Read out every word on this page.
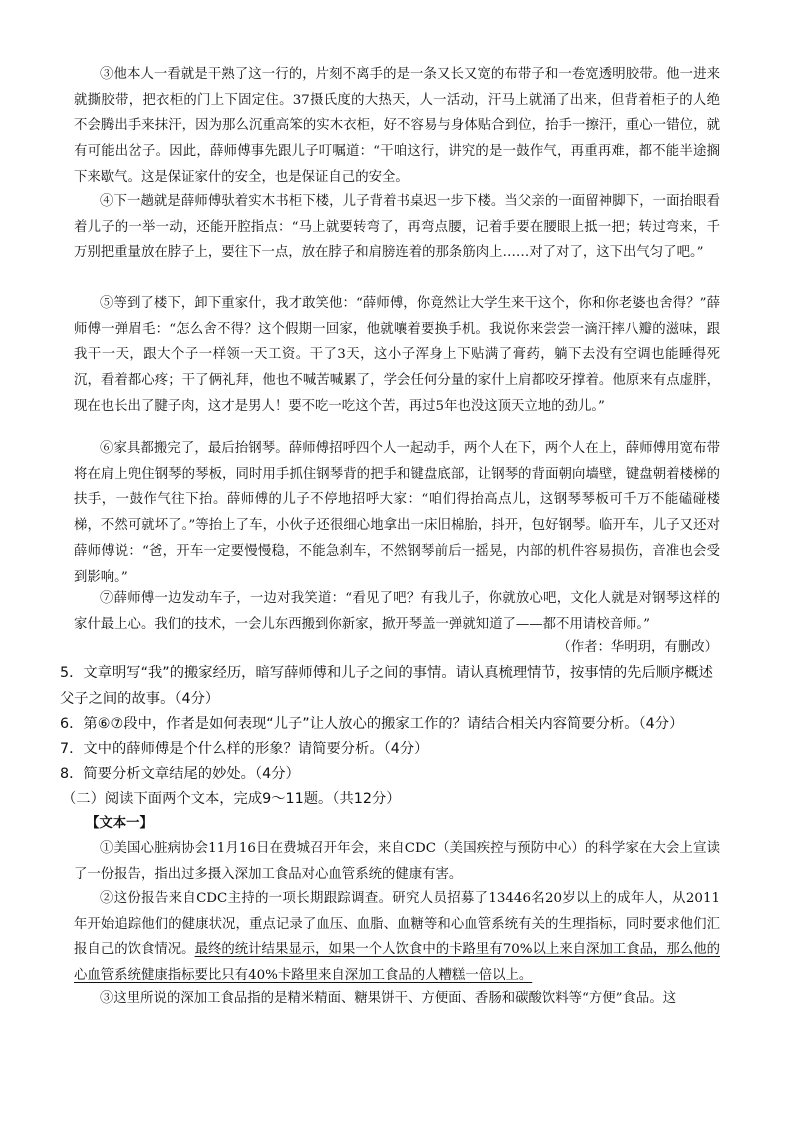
③他本人一看就是干熟了这一行的，片刻不离手的是一条又长又宽的布带子和一卷宽透明胶带。他一进来就撕胶带，把衣柜的门上下固定住。37摄氏度的大热天，人一活动，汗马上就涌了出来，但背着柜子的人绝不会腾出手来抹汗，因为那么沉重高笨的实木衣柜，好不容易与身体贴合到位，抬手一擦汗，重心一错位，就有可能出岔子。因此，薛师傅事先跟儿子叮嘱道：“干咱这行，讲究的是一鼓作气，再重再难，都不能半途搁下来歇气。这是保证家什的安全，也是保证自己的安全。

④下一趟就是薛师傅驮着实木书柜下楼，儿子背着书桌迟一步下楼。当父亲的一面留神脚下，一面抬眼看着儿子的一举一动，还能开腔指点：“马上就要转弯了，再弯点腰，记着手要在腰眼上抵一把；转过弯来，千万别把重量放在脖子上，要往下一点，放在脖子和肩膀连着的那条筋肉上……对了对了，这下出气匀了吧。”

⑤等到了楼下，卸下重家什，我才敢笑他：“薛师傅，你竟然让大学生来干这个，你和你老婆也舍得？”薛师傅一弹眉毛：“怎么舍不得？这个假期一回家，他就嚷着要换手机。我说你来尝尝一滴汗摔八瓣的滋味，跟我干一天，跟大个子一样领一天工资。干了3天，这小子浑身上下贴满了膏药，躺下去没有空调也能睡得死沉，看着都心疼；干了俩礼拜，他也不喊苦喊累了，学会任何分量的家什上肩都咬牙撑着。他原来有点虚胖，现在也长出了腱子肉，这才是男人！要不吃一吃这个苦，再过5年也没这顶天立地的劲儿。”

⑥家具都搬完了，最后抬钢琴。薛师傅招呼四个人一起动手，两个人在下，两个人在上，薛师傅用宽布带将在肩上兜住钢琴的琴板，同时用手抓住钢琴背的把手和键盘底部，让钢琴的背面朝向墙壁，键盘朝着楼梯的扶手，一鼓作气往下抬。薛师傅的儿子不停地招呼大家：“咱们得抬高点儿，这钢琴琴板可千万不能磕碰楼梯，不然可就坏了。”等抬上了车，小伙子还很细心地拿出一床旧棉胎，抖开，包好钢琴。临开车，儿子又还对薛师傅说：“爸，开车一定要慢慢稳，不能急刹车，不然钢琴前后一摇晃，内部的机件容易损伤，音准也会受到影响。”

⑦薛师傅一边发动车子，一边对我笑道：“看见了吧？有我儿子，你就放心吧，文化人就是对钢琴这样的家什最上心。我们的技术，一会儿东西搬到你新家，掀开琴盖一弹就知道了——都不用请校音师。”

（作者：华明玥，有删改）

5．文章明写“我”的搬家经历，暗写薛师傅和儿子之间的事情。请认真梳理情节，按事情的先后顺序概述父子之间的故事。（4分）

6．第⑥⑦段中，作者是如何表现“儿子”让人放心的搬家工作的？请结合相关内容简要分析。（4分）

7．文中的薛师傅是个什么样的形象？请简要分析。（4分）

8．简要分析文章结尾的妙处。（4分）

（二）阅读下面两个文本，完成9～11题。（共12分）

【文本一】

①美国心脏病协会11月16日在费城召开年会，来自CDC（美国疾控与预防中心）的科学家在大会上宣读了一份报告，指出过多摄入深加工食品对心血管系统的健康有害。

②这份报告来自CDC主持的一项长期跟踪调查。研究人员招募了13446名20岁以上的成年人，从2011年开始追踪他们的健康状况，重点记录了血压、血脂、血糖等和心血管系统有关的生理指标，同时要求他们汇报自己的饮食情况。最终的统计结果显示，如果一个人饮食中的卡路里有70%以上来自深加工食品，那么他的心血管系统健康指标要比只有40%卡路里来自深加工食品的人糟糕一倍以上。

③这里所说的深加工食品指的是精米精面、糖果饼干、方便面、香肠和碳酸饮料等“方便”食品。这
